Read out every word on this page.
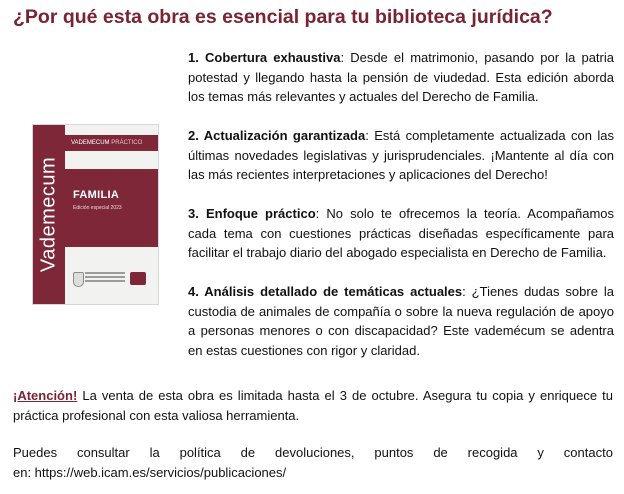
¿Por qué esta obra es esencial para tu biblioteca jurídica?

1. Cobertura exhaustiva: Desde el matrimonio, pasando por la patria potestad y llegando hasta la pensión de viudedad. Esta edición aborda los temas más relevantes y actuales del Derecho de Familia.

2. Actualización garantizada: Está completamente actualizada con las últimas novedades legislativas y jurisprudenciales. ¡Mantente al día con las más recientes interpretaciones y aplicaciones del Derecho!

3. Enfoque práctico: No solo te ofrecemos la teoría. Acompañamos cada tema con cuestiones prácticas diseñadas específicamente para facilitar el trabajo diario del abogado especialista en Derecho de Familia.

4. Análisis detallado de temáticas actuales: ¿Tienes dudas sobre la custodia de animales de compañía o sobre la nueva regulación de apoyo a personas menores o con discapacidad? Este vademécum se adentra en estas cuestiones con rigor y claridad.

Vademecum
VADEMECUM PRÁCTICO
FAMILIA
Edición especial 2023
¡Atención! La venta de esta obra es limitada hasta el 3 de octubre. Asegura tu copia y enriquece tu práctica profesional con esta valiosa herramienta.
Puedes consultar la política de devoluciones, puntos de recogida y contacto
en: https://web.icam.es/servicios/publicaciones/
